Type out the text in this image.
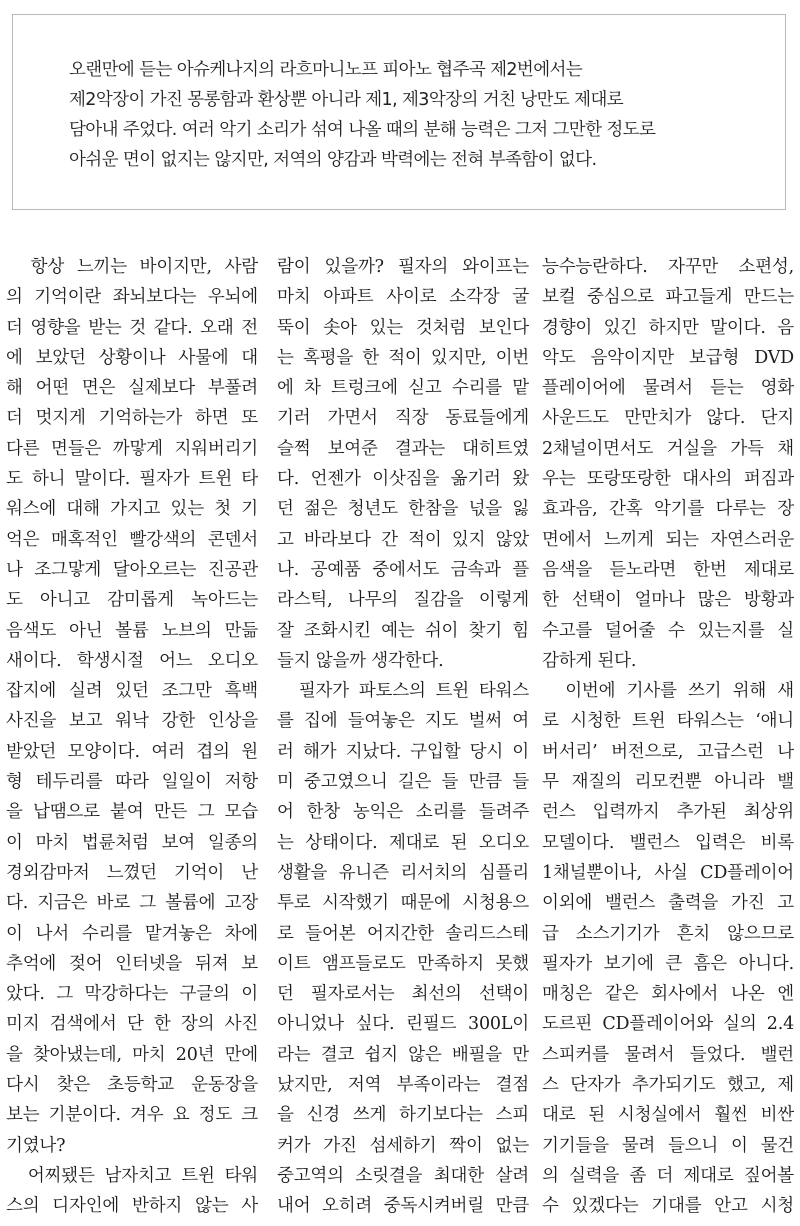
오랜만에 듣는 아슈케나지의 라흐마니노프 피아노 협주곡 제2번에서는

제2악장이 가진 몽롱함과 환상뿐 아니라 제1, 제3악장의 거친 낭만도 제대로

담아내 주었다. 여러 악기 소리가 섞여 나올 때의 분해 능력은 그저 그만한 정도로

아쉬운 면이 없지는 않지만, 저역의 양감과 박력에는 전혀 부족함이 없다.

　항상 느끼는 바이지만, 사람
의 기억이란 좌뇌보다는 우뇌에
더 영향을 받는 것 같다. 오래 전
에 보았던 상황이나 사물에 대
해 어떤 면은 실제보다 부풀려
더 멋지게 기억하는가 하면 또
다른 면들은 까맣게 지워버리기
도 하니 말이다. 필자가 트윈 타
워스에 대해 가지고 있는 첫 기
억은 매혹적인 빨강색의 콘덴서
나 조그맣게 달아오르는 진공관
도 아니고 감미롭게 녹아드는
음색도 아닌 볼륨 노브의 만듦
새이다. 학생시절 어느 오디오
잡지에 실려 있던 조그만 흑백
사진을 보고 워낙 강한 인상을
받았던 모양이다. 여러 겹의 원
형 테두리를 따라 일일이 저항
을 납땜으로 붙여 만든 그 모습
이 마치 법륜처럼 보여 일종의
경외감마저 느꼈던 기억이 난
다. 지금은 바로 그 볼륨에 고장
이 나서 수리를 맡겨놓은 차에
추억에 젖어 인터넷을 뒤져 보
았다. 그 막강하다는 구글의 이
미지 검색에서 단 한 장의 사진
을 찾아냈는데, 마치 20년 만에
다시 찾은 초등학교 운동장을
보는 기분이다. 겨우 요 정도 크
기였나?
　어찌됐든 남자치고 트윈 타워
스의 디자인에 반하지 않는 사
람이 있을까? 필자의 와이프는
마치 아파트 사이로 소각장 굴
뚝이 솟아 있는 것처럼 보인다
는 혹평을 한 적이 있지만, 이번
에 차 트렁크에 싣고 수리를 맡
기러 가면서 직장 동료들에게
슬쩍 보여준 결과는 대히트였
다. 언젠가 이삿짐을 옮기러 왔
던 젊은 청년도 한참을 넋을 잃
고 바라보다 간 적이 있지 않았
나. 공예품 중에서도 금속과 플
라스틱, 나무의 질감을 이렇게
잘 조화시킨 예는 쉬이 찾기 힘
들지 않을까 생각한다.
　필자가 파토스의 트윈 타워스
를 집에 들여놓은 지도 벌써 여
러 해가 지났다. 구입할 당시 이
미 중고였으니 길은 들 만큼 들
어 한창 농익은 소리를 들려주
는 상태이다. 제대로 된 오디오
생활을 유니즌 리서치의 심플리
투로 시작했기 때문에 시청용으
로 들어본 어지간한 솔리드스테
이트 앰프들로도 만족하지 못했
던 필자로서는 최선의 선택이
아니었나 싶다. 린필드 300L이
라는 결코 쉽지 않은 배필을 만
났지만, 저역 부족이라는 결점
을 신경 쓰게 하기보다는 스피
커가 가진 섬세하기 짝이 없는
중고역의 소릿결을 최대한 살려
내어 오히려 중독시켜버릴 만큼
능수능란하다. 자꾸만 소편성,
보컬 중심으로 파고들게 만드는
경향이 있긴 하지만 말이다. 음
악도 음악이지만 보급형 DVD
플레이어에 물려서 듣는 영화
사운드도 만만치가 않다. 단지
2채널이면서도 거실을 가득 채
우는 또랑또랑한 대사의 퍼짐과
효과음, 간혹 악기를 다루는 장
면에서 느끼게 되는 자연스러운
음색을 듣노라면 한번 제대로
한 선택이 얼마나 많은 방황과
수고를 덜어줄 수 있는지를 실
감하게 된다.
　이번에 기사를 쓰기 위해 새
로 시청한 트윈 타워스는 ‘애니
버서리’ 버전으로, 고급스런 나
무 재질의 리모컨뿐 아니라 밸
런스 입력까지 추가된 최상위
모델이다. 밸런스 입력은 비록
1채널뿐이나, 사실 CD플레이어
이외에 밸런스 출력을 가진 고
급 소스기기가 흔치 않으므로
필자가 보기에 큰 흠은 아니다.
매칭은 같은 회사에서 나온 엔
도르핀 CD플레이어와 실의 2.4
스피커를 물려서 들었다. 밸런
스 단자가 추가되기도 했고, 제
대로 된 시청실에서 훨씬 비싼
기기들을 물려 들으니 이 물건
의 실력을 좀 더 제대로 짚어볼
수 있겠다는 기대를 안고 시청
